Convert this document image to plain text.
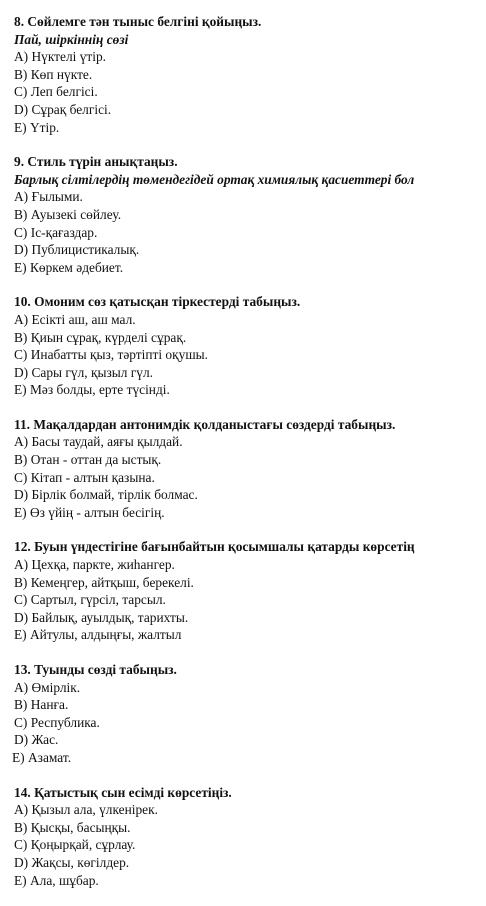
8. Сөйлемге тән тыныс белгіні қойыңыз.
Пай, шіркіннің сөзі
A) Нүктелі үтір.
B) Көп нүкте.
C) Леп белгісі.
D) Сұрақ белгісі.
E) Үтір.
9. Стиль түрін анықтаңыз.
Барлық сілтілердің төмендегідей ортақ химиялық қасиеттері бол
A) Ғылыми.
B) Ауызекі сөйлеу.
C) Іс-қағаздар.
D) Публицистикалық.
E) Көркем әдебиет.
10. Омоним сөз қатысқан тіркестерді табыңыз.
A) Есікті аш, аш мал.
B) Қиын сұрақ, күрделі сұрақ.
C) Инабатты қыз, тәртіпті оқушы.
D) Сары гүл, қызыл гүл.
E) Мәз болды, ерте түсінді.
11. Мақалдардан антонимдік қолданыстағы сөздерді табыңыз.
A) Басы таудай, аяғы қылдай.
B) Отан - оттан да ыстық.
C) Кітап - алтын қазына.
D) Бірлік болмай, тірлік болмас.
E) Өз үйің - алтын бесігің.
12. Буын үндестігіне бағынбайтын қосымшалы қатарды көрсетің
A) Цехқа, паркте, жиһангер.
B) Кемеңгер, айтқыш, берекелі.
C) Сартыл, гүрсіл, тарсыл.
D) Байлық, ауылдық, тарихты.
E) Айтулы, алдыңғы, жалтыл
13. Туынды сөзді табыңыз.
A) Өмірлік.
B) Нанға.
C) Республика.
D) Жас.
E) Азамат.
14. Қатыстық сын есімді көрсетіңіз.
A) Қызыл ала, үлкенірек.
B) Қысқы, басыңқы.
C) Қоңырқай, сұрлау.
D) Жақсы, көгілдер.
E) Ала, шұбар.
